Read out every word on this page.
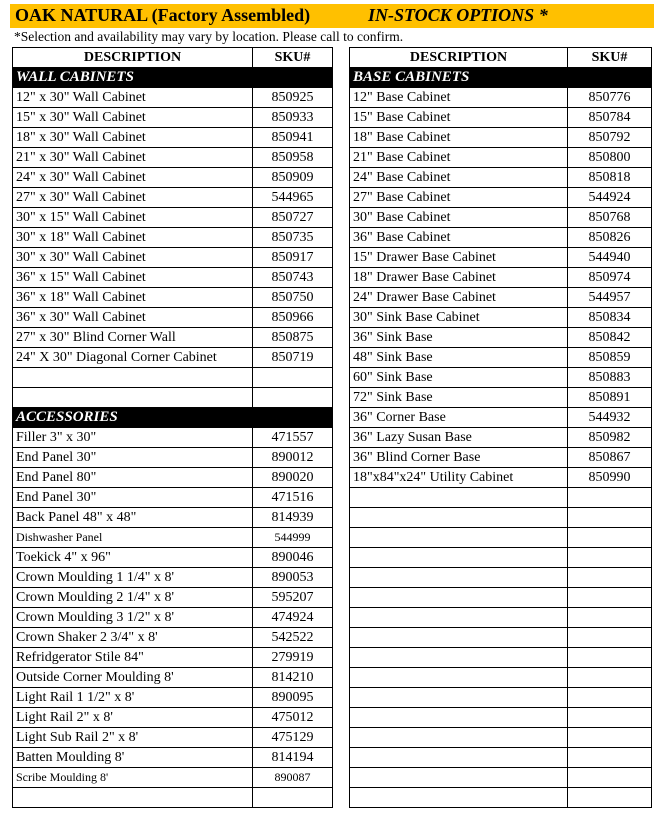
OAK NATURAL (Factory Assembled)	IN-STOCK OPTIONS *
*Selection and availability may vary by location. Please call to confirm.
DESCRIPTION	SKU#
WALL CABINETS	
12" x 30" Wall Cabinet	850925
15" x 30" Wall Cabinet	850933
18" x 30" Wall Cabinet	850941
21" x 30" Wall Cabinet	850958
24" x 30" Wall Cabinet	850909
27" x 30" Wall Cabinet	544965
30" x 15" Wall Cabinet	850727
30" x 18" Wall Cabinet	850735
30" x 30" Wall Cabinet	850917
36" x 15" Wall Cabinet	850743
36" x 18" Wall Cabinet	850750
36" x 30" Wall Cabinet	850966
27" x 30" Blind Corner Wall	850875
24" X 30" Diagonal Corner Cabinet	850719

ACCESSORIES	
Filler 3" x 30"	471557
End Panel 30"	890012
End Panel 80"	890020
End Panel 30"	471516
Back Panel 48" x 48"	814939
Dishwasher Panel	544999
Toekick 4" x 96"	890046
Crown Moulding 1 1/4" x 8'	890053
Crown Moulding 2 1/4" x 8'	595207
Crown Moulding 3 1/2" x 8'	474924
Crown Shaker 2 3/4" x 8'	542522
Refridgerator Stile 84"	279919
Outside Corner Moulding 8'	814210
Light Rail 1 1/2" x 8'	890095
Light Rail 2" x 8'	475012
Light Sub Rail 2" x 8'	475129
Batten Moulding 8'	814194
Scribe Moulding 8'	890087

DESCRIPTION	SKU#
BASE CABINETS	
12" Base Cabinet	850776
15" Base Cabinet	850784
18" Base Cabinet	850792
21" Base Cabinet	850800
24" Base Cabinet	850818
27" Base Cabinet	544924
30" Base Cabinet	850768
36" Base Cabinet	850826
15" Drawer Base Cabinet	544940
18" Drawer Base Cabinet	850974
24" Drawer Base Cabinet	544957
30" Sink Base Cabinet	850834
36" Sink Base	850842
48" Sink Base	850859
60" Sink Base	850883
72" Sink Base	850891
36" Corner Base	544932
36" Lazy Susan Base	850982
36" Blind Corner Base	850867
18"x84"x24" Utility Cabinet	850990
